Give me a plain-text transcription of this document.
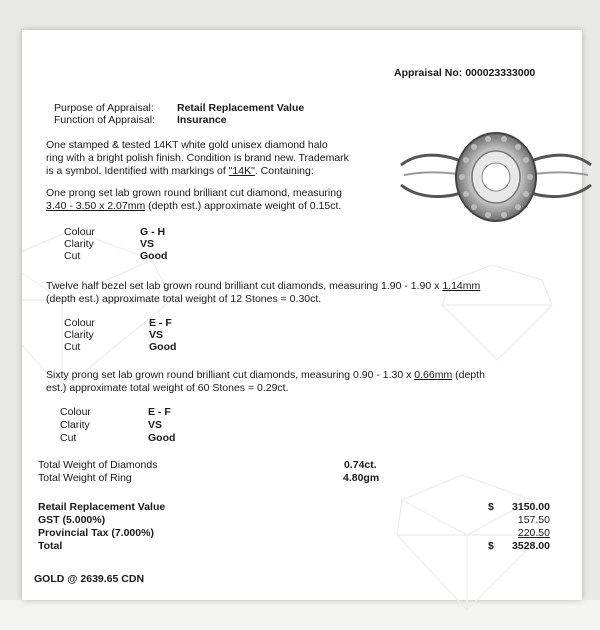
Appraisal No: 000023333000
Purpose of Appraisal: Retail Replacement Value
Function of Appraisal: Insurance
One stamped & tested 14KT white gold unisex diamond halo
ring with a bright polish finish. Condition is brand new. Trademark
is a symbol. Identified with markings of "14K". Containing:
One prong set lab grown round brilliant cut diamond, measuring
3.40 - 3.50 x 2.07mm (depth est.) approximate weight of 0.15ct.
Colour	G - H
Clarity	VS
Cut	Good
Twelve half bezel set lab grown round brilliant cut diamonds, measuring 1.90 - 1.90 x 1.14mm
(depth est.) approximate total weight of 12 Stones = 0.30ct.
Colour	E - F
Clarity	VS
Cut	Good
Sixty prong set lab grown round brilliant cut diamonds, measuring 0.90 - 1.30 x 0.66mm (depth
est.) approximate total weight of 60 Stones = 0.29ct.
Colour	E - F
Clarity	VS
Cut	Good
Total Weight of Diamonds	0.74ct.
Total Weight of Ring	4.80gm
Retail Replacement Value	$	3150.00
GST (5.000%)	157.50
Provincial Tax (7.000%)	220.50
Total	$	3528.00
GOLD @ 2639.65 CDN
